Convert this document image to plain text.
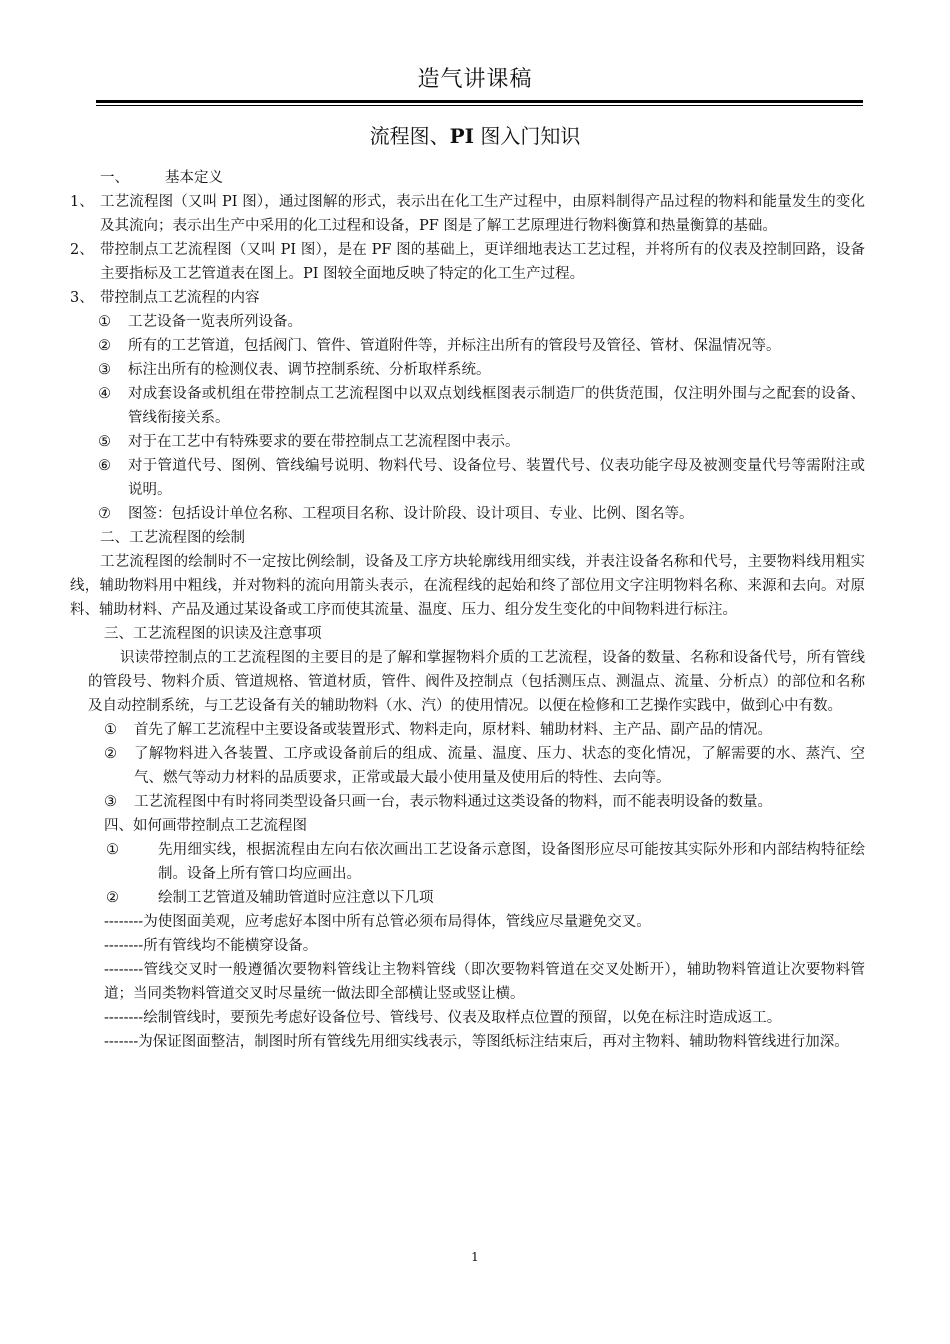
造气讲课稿
流程图、PI 图入门知识
一、 基本定义
1、 工艺流程图（又叫 PI 图），通过图解的形式，表示出在化工生产过程中，由原料制得产品过程的物料和能量发生的变化及其流向；表示出生产中采用的化工过程和设备，PF 图是了解工艺原理进行物料衡算和热量衡算的基础。
2、 带控制点工艺流程图（又叫 PI 图），是在 PF 图的基础上，更详细地表达工艺过程，并将所有的仪表及控制回路，设备主要指标及工艺管道表在图上。PI 图较全面地反映了特定的化工生产过程。
3、 带控制点工艺流程的内容
①	工艺设备一览表所列设备。
②	所有的工艺管道，包括阀门、管件、管道附件等，并标注出所有的管段号及管径、管材、保温情况等。
③	标注出所有的检测仪表、调节控制系统、分析取样系统。
④	对成套设备或机组在带控制点工艺流程图中以双点划线框图表示制造厂的供货范围，仅注明外围与之配套的设备、管线衔接关系。
⑤	对于在工艺中有特殊要求的要在带控制点工艺流程图中表示。
⑥	对于管道代号、图例、管线编号说明、物料代号、设备位号、装置代号、仪表功能字母及被测变量代号等需附注或说明。
⑦	图签：包括设计单位名称、工程项目名称、设计阶段、设计项目、专业、比例、图名等。
二、工艺流程图的绘制
工艺流程图的绘制时不一定按比例绘制，设备及工序方块轮廓线用细实线，并表注设备名称和代号，主要物料线用粗实线，辅助物料用中粗线，并对物料的流向用箭头表示，在流程线的起始和终了部位用文字注明物料名称、来源和去向。对原料、辅助材料、产品及通过某设备或工序而使其流量、温度、压力、组分发生变化的中间物料进行标注。
三、工艺流程图的识读及注意事项
识读带控制点的工艺流程图的主要目的是了解和掌握物料介质的工艺流程，设备的数量、名称和设备代号，所有管线的管段号、物料介质、管道规格、管道材质，管件、阀件及控制点（包括测压点、测温点、流量、分析点）的部位和名称及自动控制系统，与工艺设备有关的辅助物料（水、汽）的使用情况。以便在检修和工艺操作实践中，做到心中有数。
①	首先了解工艺流程中主要设备或装置形式、物料走向，原材料、辅助材料、主产品、副产品的情况。
②	了解物料进入各装置、工序或设备前后的组成、流量、温度、压力、状态的变化情况，了解需要的水、蒸汽、空气、燃气等动力材料的品质要求，正常或最大最小使用量及使用后的特性、去向等。
③	工艺流程图中有时将同类型设备只画一台，表示物料通过这类设备的物料，而不能表明设备的数量。
四、如何画带控制点工艺流程图
①	先用细实线，根据流程由左向右依次画出工艺设备示意图，设备图形应尽可能按其实际外形和内部结构特征绘制。设备上所有管口均应画出。
②	绘制工艺管道及辅助管道时应注意以下几项
--------为使图面美观，应考虑好本图中所有总管必须布局得体，管线应尽量避免交叉。
--------所有管线均不能横穿设备。
--------管线交叉时一般遵循次要物料管线让主物料管线（即次要物料管道在交叉处断开），辅助物料管道让次要物料管道；当同类物料管道交叉时尽量统一做法即全部横让竖或竖让横。
--------绘制管线时，要预先考虑好设备位号、管线号、仪表及取样点位置的预留，以免在标注时造成返工。
-------为保证图面整洁，制图时所有管线先用细实线表示，等图纸标注结束后，再对主物料、辅助物料管线进行加深。
1
